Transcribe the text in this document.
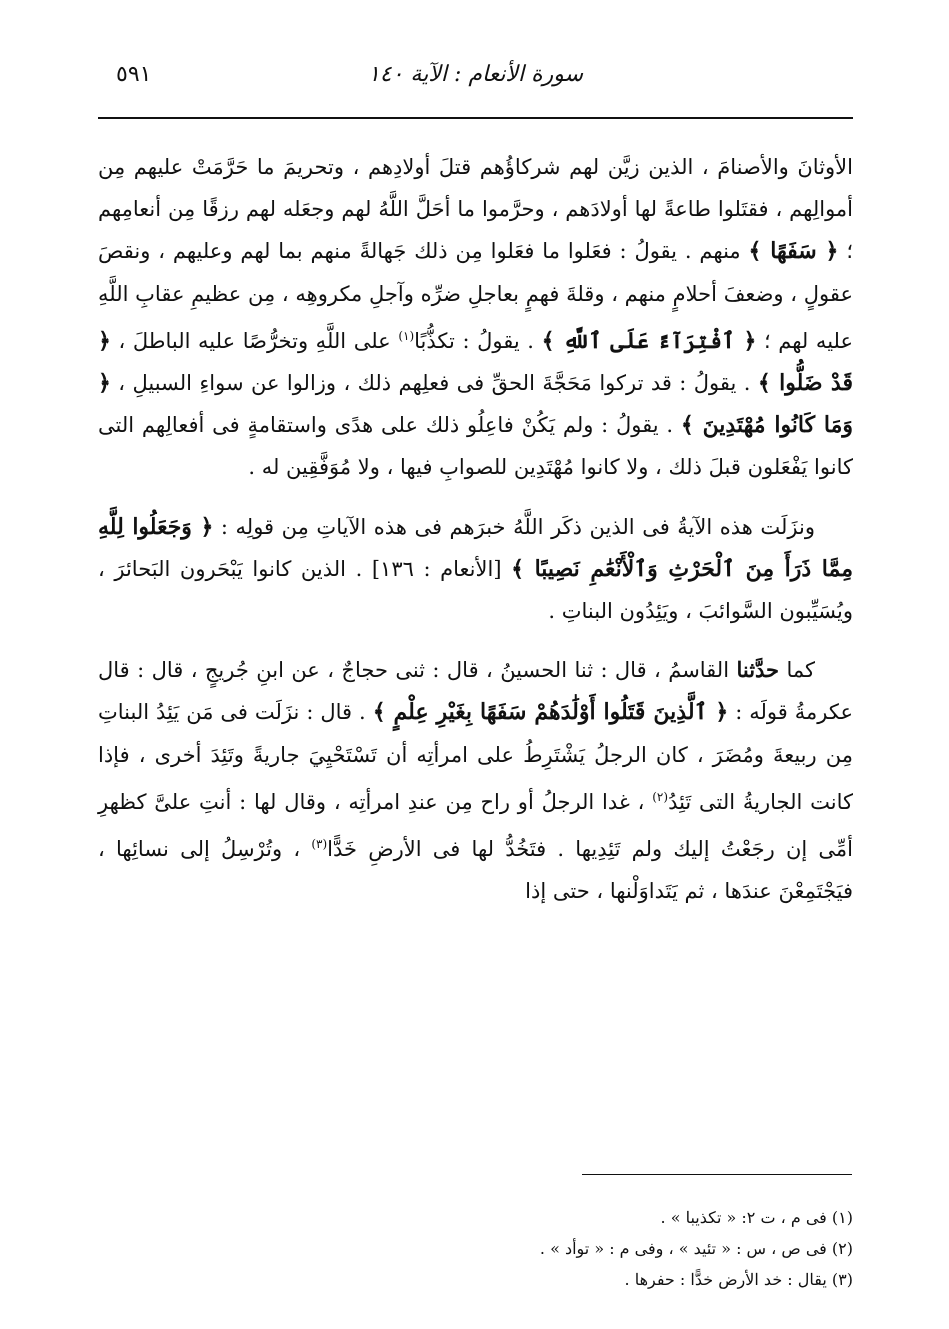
سورة الأنعام : الآية ١٤٠
٥٩١

الأوثانَ والأصنامَ ، الذين زيَّن لهم شركاؤُهم قتلَ أولادِهم ، وتحريمَ ما حَرَّمَتْ عليهم مِن أموالِهم ، فقتَلوا طاعةً لها أولادَهم ، وحرَّموا ما أحَلَّ اللَّهُ لهم وجعَله لهم رزقًا مِن أنعامِهم ؛ ﴿ سَفَهًا ﴾ منهم . يقولُ : فعَلوا ما فعَلوا مِن ذلك جَهالةً منهم بما لهم وعليهم ، ونقصَ عقولٍ ، وضعفَ أحلامٍ منهم ، وقلةَ فهمٍ بعاجلِ ضرِّه وآجلِ مكروهِه ، مِن عظيمِ عقابِ اللَّهِ عليه لهم ؛ ﴿ ٱفْتِرَآءً عَلَى ٱللَّهِ ﴾ . يقولُ : تكذُّبًا$^{(١)}$ على اللَّهِ وتخرُّصًا عليه الباطلَ ، ﴿ قَدْ ضَلُّوا ﴾ . يقولُ : قد تركوا مَحَجَّةَ الحقِّ فى فعلِهم ذلك ، وزالوا عن سواءِ السبيلِ ، ﴿ وَمَا كَانُوا مُهْتَدِينَ ﴾ . يقولُ : ولم يَكُنْ فاعِلُو ذلك على هدًى واستقامةٍ فى أفعالِهم التى كانوا يَفْعَلون قبلَ ذلك ، ولا كانوا مُهْتَدِين للصوابِ فيها ، ولا مُوَفَّقِين له .

ونزَلَت هذه الآيةُ فى الذين ذكَر اللَّهُ خبرَهم فى هذه الآياتِ مِن قولِه : ﴿ وَجَعَلُوا لِلَّهِ مِمَّا ذَرَأَ مِنَ ٱلْحَرْثِ وَٱلْأَنْعَٰمِ نَصِيبًا ﴾ [الأنعام : ١٣٦] . الذين كانوا يَبْحَرون البَحائرَ ، ويُسَيِّبون السَّوائبَ ، ويَئِدُون البناتِ .

كما حدَّثنا القاسمُ ، قال : ثنا الحسينُ ، قال : ثنى حجاجٌ ، عن ابنِ جُريجٍ ، قال : قال عكرمةُ قولَه : ﴿ ٱلَّذِينَ قَتَلُوا أَوْلَٰدَهُمْ سَفَهًا بِغَيْرِ عِلْمٍ ﴾ . قال : نزَلَت فى مَن يَئِدُ البناتِ مِن ربيعةَ ومُضَرَ ، كان الرجلُ يَشْتَرِطُ على امرأتِه أن تَسْتَحْيِيَ جاريةً وتَئِدَ أخرى ، فإذا كانت الجاريةُ التى تَئِدُ$^{(٢)}$ ، غدا الرجلُ أو راح مِن عندِ امرأتِه ، وقال لها : أنتِ علىَّ كظهرِ أمِّى إن رجَعْتُ إليك ولم تَئِدِيها . فتَخُدُّ لها فى الأرضِ خَدًّا$^{(٣)}$ ، وتُرْسِلُ إلى نسائِها ، فيَجْتَمِعْنَ عندَها ، ثم يَتَداوَلْنها ، حتى إذا

(١) فى م ، ت ٢: « تكذيبا » .
(٢) فى ص ، س : « تئيد » ، وفى م : « توأد » .
(٣) يقال : خد الأرض خدًّا : حفرها .
